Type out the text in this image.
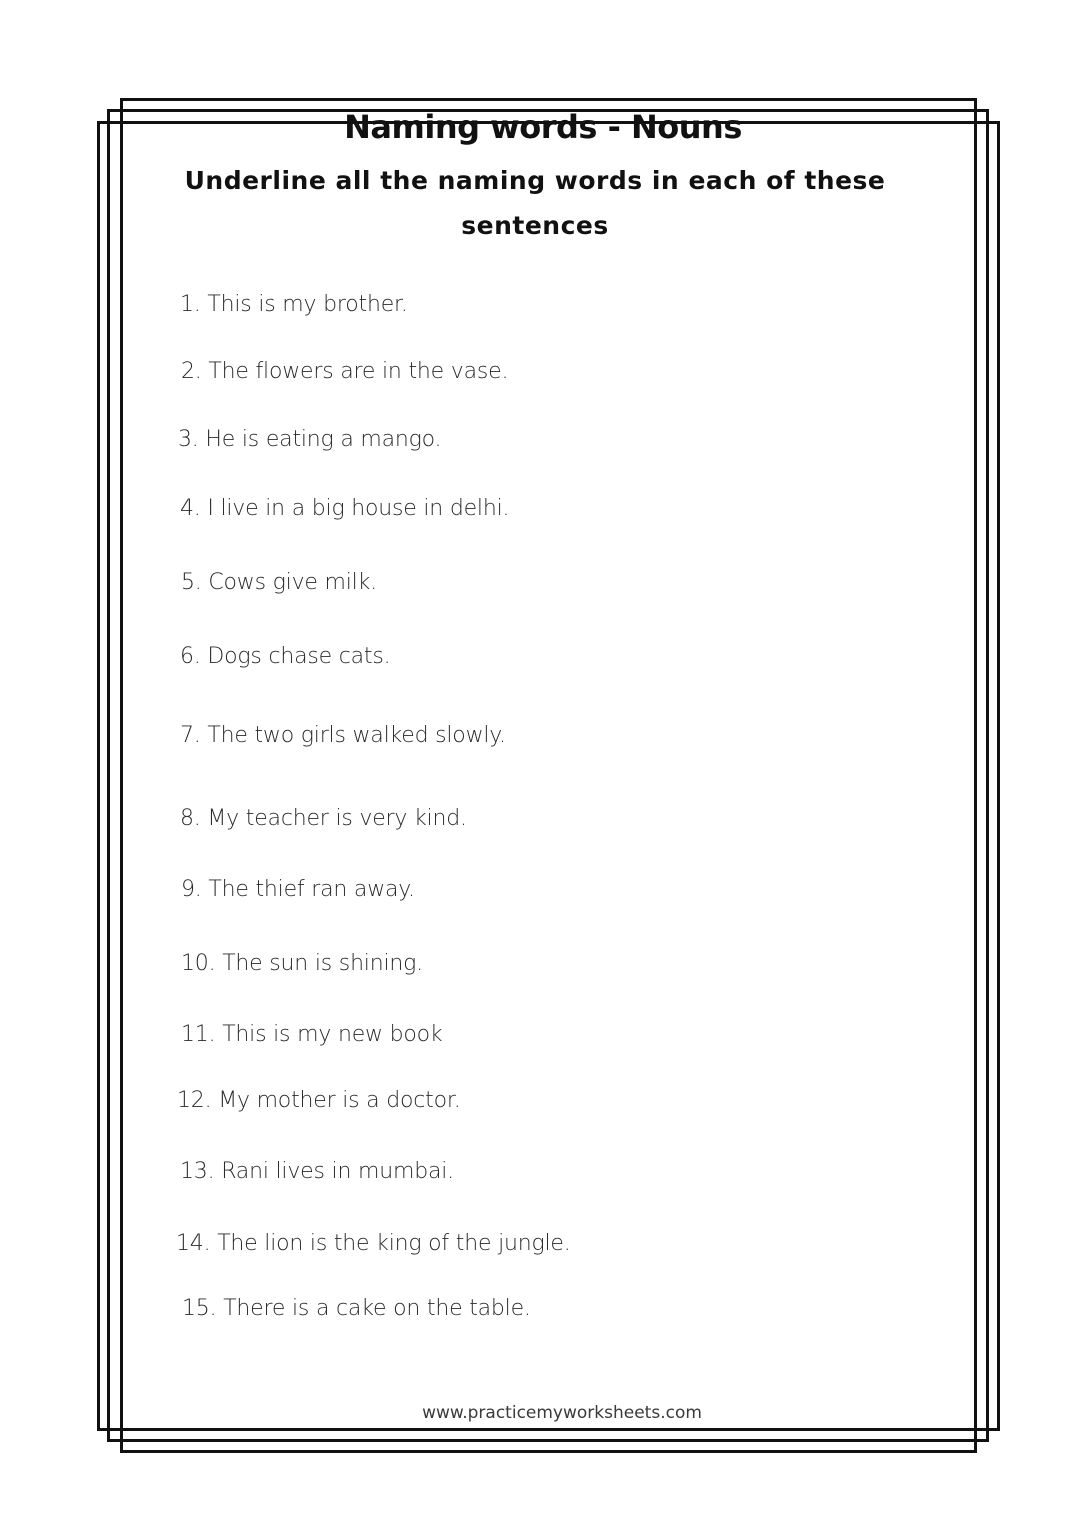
Naming words - Nouns
Underline all the naming words in each of these
sentences
1. This is my brother.
2. The flowers are in the vase.
3. He is eating a mango.
4. I live in a big house in delhi.
5. Cows give milk.
6. Dogs chase cats.
7. The two girls walked slowly.
8. My teacher is very kind.
9. The thief ran away.
10. The sun is shining.
11. This is my new book
12. My mother is a doctor.
13. Rani lives in mumbai.
14. The lion is the king of the jungle.
15. There is a cake on the table.
www.practicemyworksheets.com
